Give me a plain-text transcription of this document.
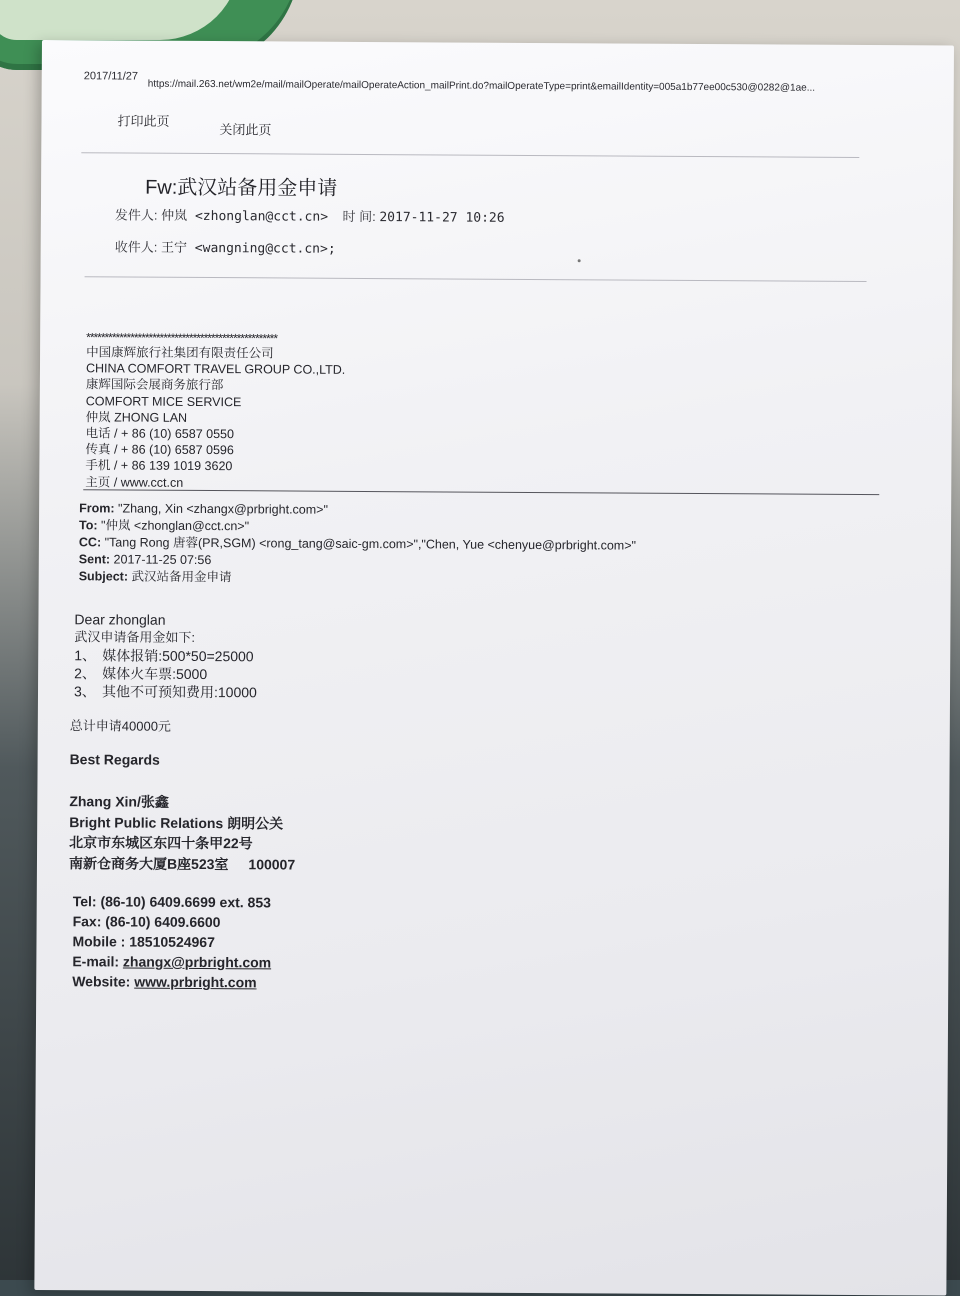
2017/11/27
https://mail.263.net/wm2e/mail/mailOperate/mailOperateAction_mailPrint.do?mailOperateType=print&emailIdentity=005a1b77ee00c530@0282@1ae...
打印此页
关闭此页
Fw:武汉站备用金申请
发件人: 仲岚 <zhonglan@cct.cn> 时 间: 2017-11-27 10:26
收件人: 王宁 <wangning@cct.cn>;
****************************************************
中国康辉旅行社集团有限责任公司
CHINA COMFORT TRAVEL GROUP CO.,LTD.
康辉国际会展商务旅行部
COMFORT MICE SERVICE
仲岚 ZHONG LAN
电话 / + 86 (10) 6587 0550
传真 / + 86 (10) 6587 0596
手机 / + 86 139 1019 3620
主页 / www.cct.cn
From: "Zhang, Xin <zhangx@prbright.com>"
To: "仲岚 <zhonglan@cct.cn>"
CC: "Tang Rong 唐蓉(PR,SGM) <rong_tang@saic-gm.com>","Chen, Yue <chenyue@prbright.com>"
Sent: 2017-11-25 07:56
Subject: 武汉站备用金申请
Dear zhonglan
武汉申请备用金如下:
1、 媒体报销:500*50=25000
2、 媒体火车票:5000
3、 其他不可预知费用:10000
总计申请40000元
Best Regards
Zhang Xin/张鑫
Bright Public Relations 朗明公关
北京市东城区东四十条甲22号
南新仓商务大厦B座523室 100007
Tel: (86-10) 6409.6699 ext. 853
Fax: (86-10) 6409.6600
Mobile : 18510524967
E-mail: zhangx@prbright.com
Website: www.prbright.com
